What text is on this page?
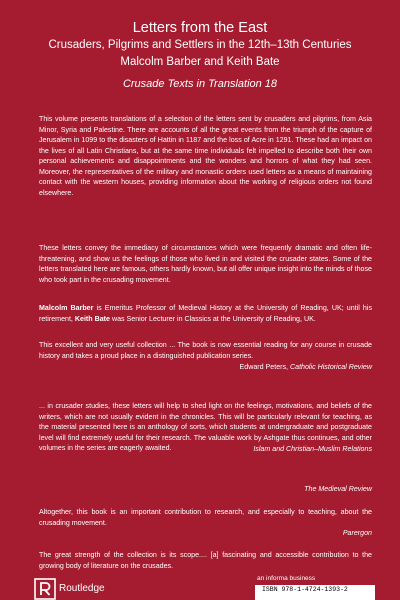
Letters from the East
Crusaders, Pilgrims and Settlers in the 12th–13th Centuries
Malcolm Barber and Keith Bate
Crusade Texts in Translation 18
This volume presents translations of a selection of the letters sent by crusaders and pilgrims, from Asia Minor, Syria and Palestine. There are accounts of all the great events from the triumph of the capture of Jerusalem in 1099 to the disasters of Hattin in 1187 and the loss of Acre in 1291. These had an impact on the lives of all Latin Christians, but at the same time individuals felt impelled to describe both their own personal achievements and disappointments and the wonders and horrors of what they had seen. Moreover, the representatives of the military and monastic orders used letters as a means of maintaining contact with the western houses, providing information about the working of religious orders not found elsewhere.
These letters convey the immediacy of circumstances which were frequently dramatic and often life-threatening, and show us the feelings of those who lived in and visited the crusader states. Some of the letters translated here are famous, others hardly known, but all offer unique insight into the minds of those who took part in the crusading movement.
Malcolm Barber is Emeritus Professor of Medieval History at the University of Reading, UK; until his retirement, Keith Bate was Senior Lecturer in Classics at the University of Reading, UK.
This excellent and very useful collection ... The book is now essential reading for any course in crusade history and takes a proud place in a distinguished publication series.
Edward Peters, Catholic Historical Review
... in crusader studies, these letters will help to shed light on the feelings, motivations, and beliefs of the writers, which are not usually evident in the chronicles. This will be particularly relevant for teaching, as the material presented here is an anthology of sorts, which students at undergraduate and postgraduate level will find extremely useful for their research. The valuable work by Ashgate thus continues, and other volumes in the series are eagerly awaited.	Islam and Christian–Muslim Relations
Altogether, this book is an important contribution to research, and especially to teaching, about the crusading movement.
The Medieval Review
The great strength of the collection is its scope.... [a] fascinating and accessible contribution to the growing body of literature on the crusades.
Parergon
an informa business
ISBN 978-1-4724-1393-2
Routledge
